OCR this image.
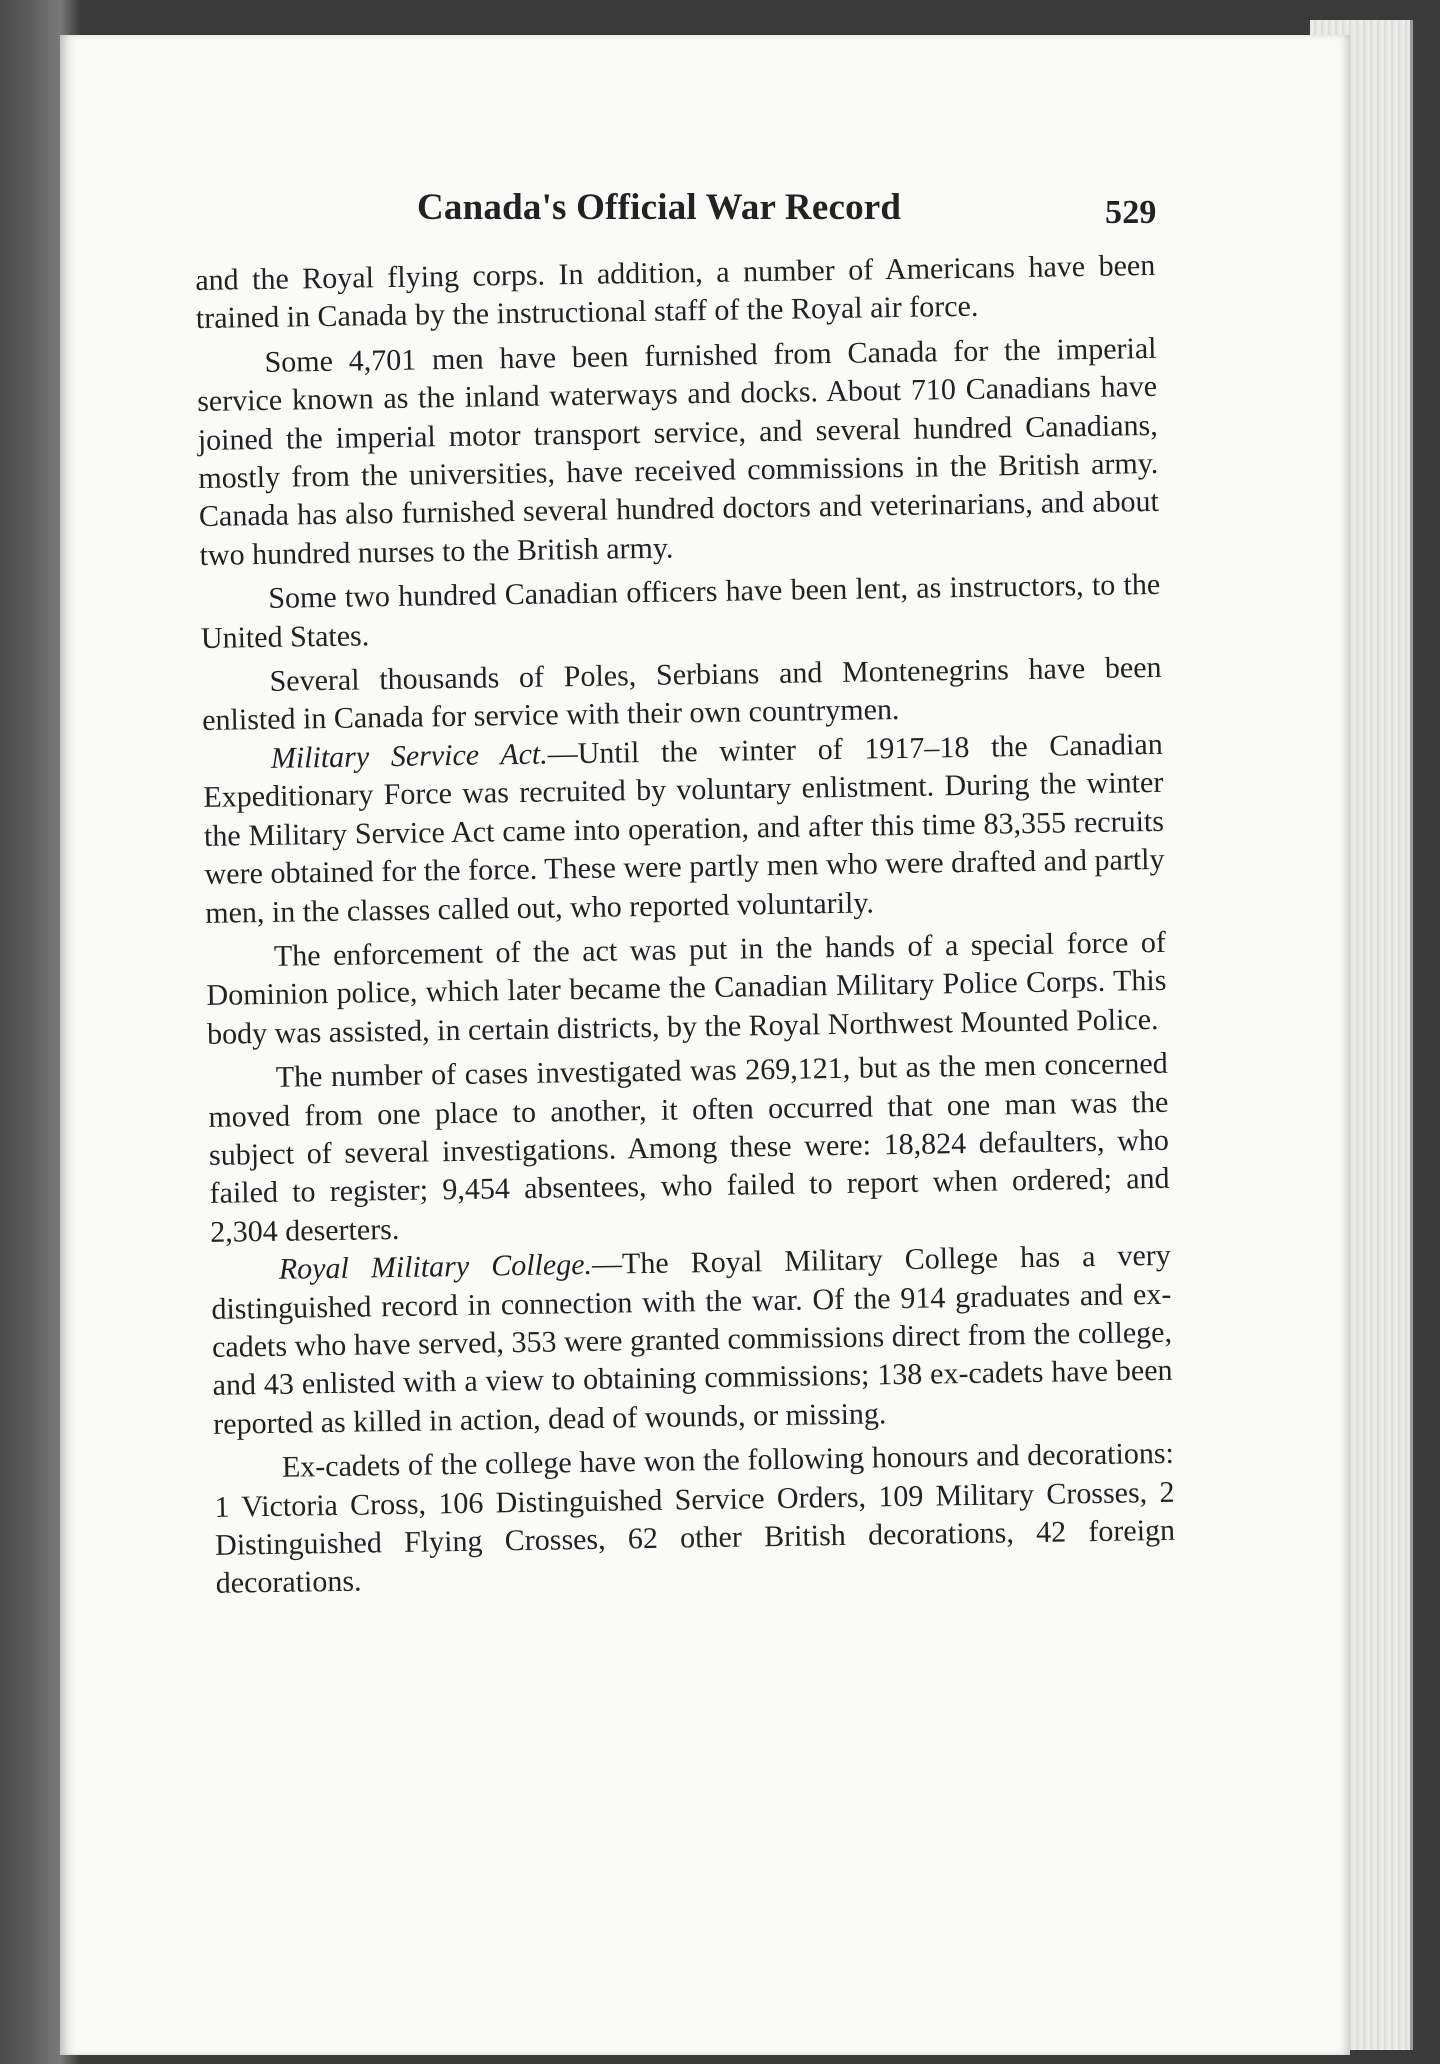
Canada's Official War Record	529

and the Royal flying corps. In addition, a number of Americans have been trained in Canada by the instructional staff of the Royal air force.

Some 4,701 men have been furnished from Canada for the imperial service known as the inland waterways and docks. About 710 Canadians have joined the imperial motor transport service, and several hundred Canadians, mostly from the universities, have received commissions in the British army. Canada has also furnished several hundred doctors and veterinarians, and about two hundred nurses to the British army.

Some two hundred Canadian officers have been lent, as instructors, to the United States.

Several thousands of Poles, Serbians and Montenegrins have been enlisted in Canada for service with their own countrymen.

Military Service Act.—Until the winter of 1917–18 the Canadian Expeditionary Force was recruited by voluntary enlistment. During the winter the Military Service Act came into operation, and after this time 83,355 recruits were obtained for the force. These were partly men who were drafted and partly men, in the classes called out, who reported voluntarily.

The enforcement of the act was put in the hands of a special force of Dominion police, which later became the Canadian Military Police Corps. This body was assisted, in certain districts, by the Royal Northwest Mounted Police.

The number of cases investigated was 269,121, but as the men concerned moved from one place to another, it often occurred that one man was the subject of several investigations. Among these were: 18,824 defaulters, who failed to register; 9,454 absentees, who failed to report when ordered; and 2,304 deserters.

Royal Military College.—The Royal Military College has a very distinguished record in connection with the war. Of the 914 graduates and ex-cadets who have served, 353 were granted commissions direct from the college, and 43 enlisted with a view to obtaining commissions; 138 ex-cadets have been reported as killed in action, dead of wounds, or missing.

Ex-cadets of the college have won the following honours and decorations: 1 Victoria Cross, 106 Distinguished Service Orders, 109 Military Crosses, 2 Distinguished Flying Crosses, 62 other British decorations, 42 foreign decorations.
